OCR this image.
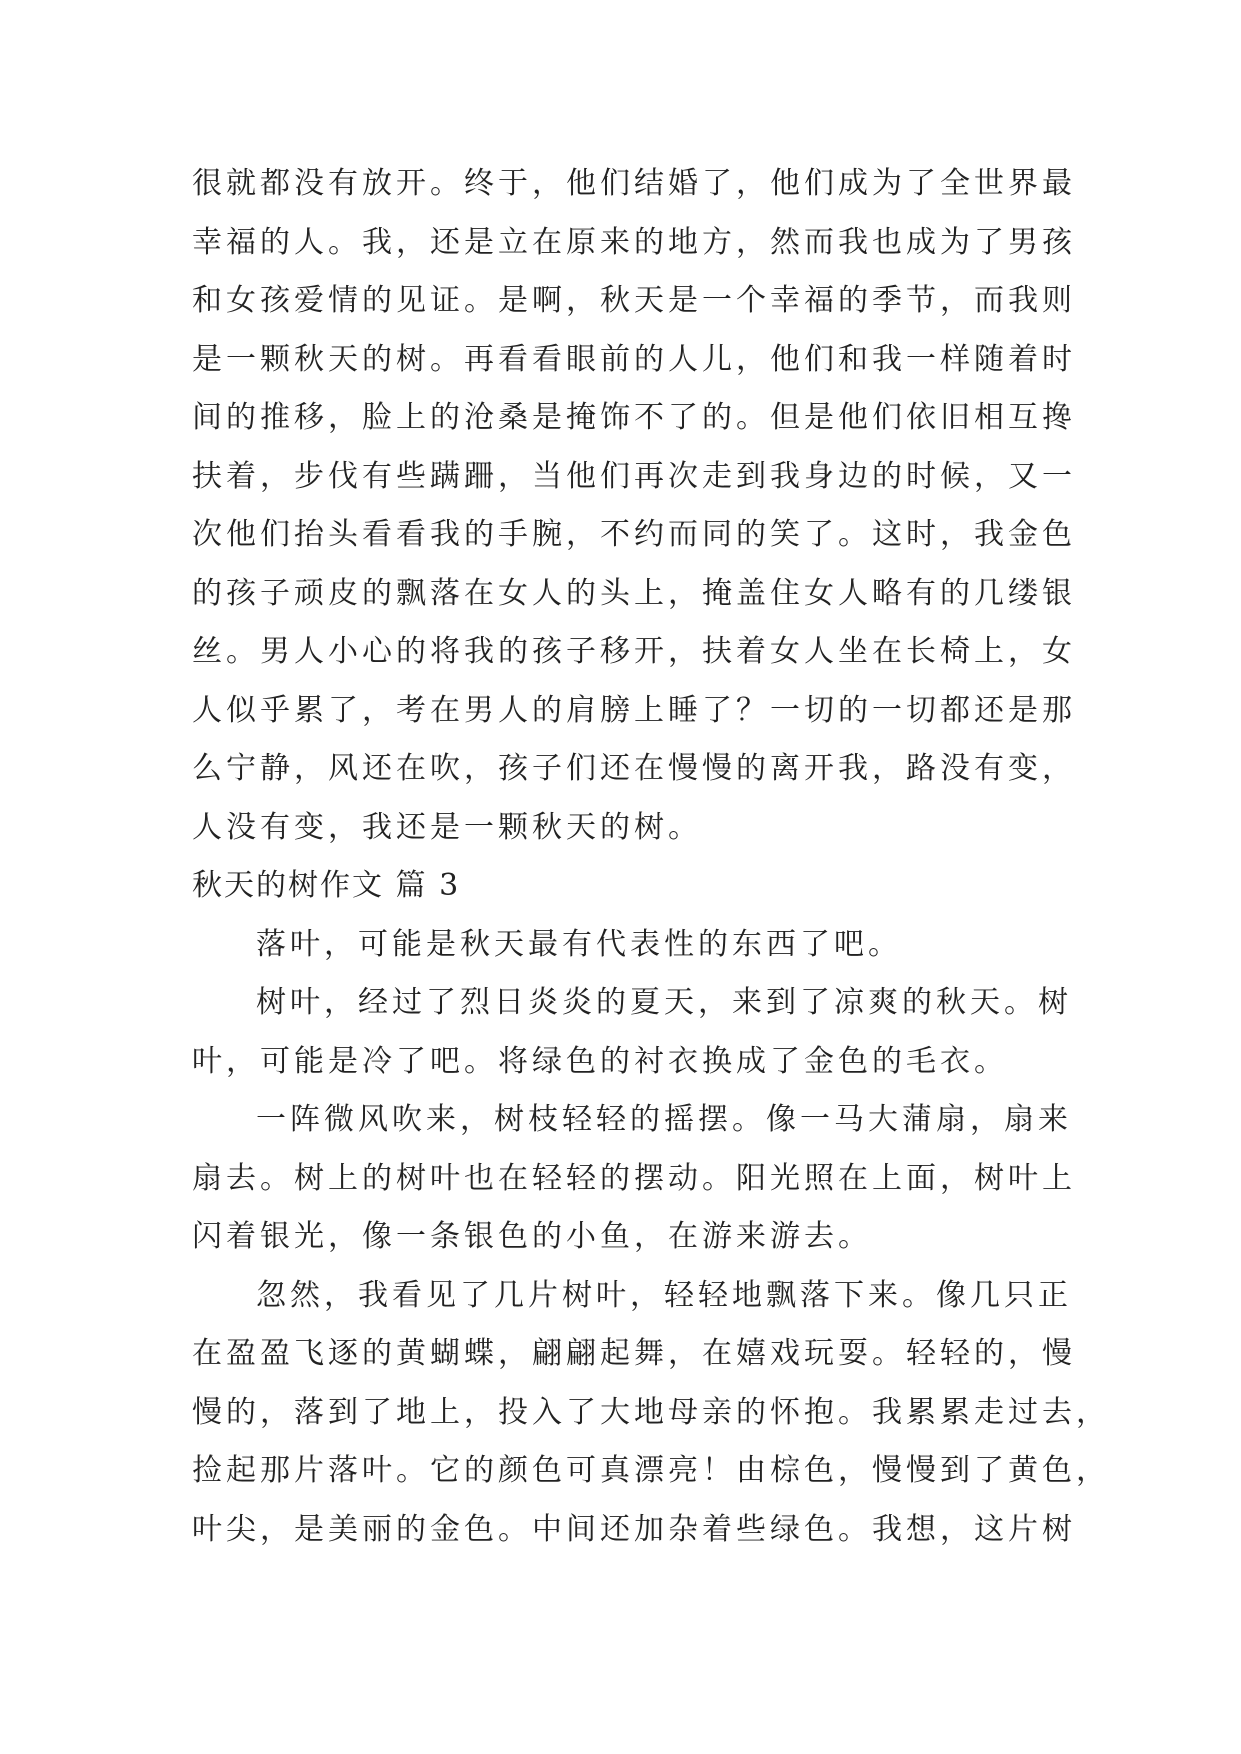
很就都没有放开。终于，他们结婚了，他们成为了全世界最
幸福的人。我，还是立在原来的地方，然而我也成为了男孩
和女孩爱情的见证。是啊，秋天是一个幸福的季节，而我则
是一颗秋天的树。再看看眼前的人儿，他们和我一样随着时
间的推移，脸上的沧桑是掩饰不了的。但是他们依旧相互搀
扶着，步伐有些蹒跚，当他们再次走到我身边的时候，又一
次他们抬头看看我的手腕，不约而同的笑了。这时，我金色
的孩子顽皮的飘落在女人的头上，掩盖住女人略有的几缕银
丝。男人小心的将我的孩子移开，扶着女人坐在长椅上，女
人似乎累了，考在男人的肩膀上睡了？一切的一切都还是那
么宁静，风还在吹，孩子们还在慢慢的离开我，路没有变，
人没有变，我还是一颗秋天的树。
秋天的树作文 篇 3
落叶，可能是秋天最有代表性的东西了吧。
树叶，经过了烈日炎炎的夏天，来到了凉爽的秋天。树
叶，可能是冷了吧。将绿色的衬衣换成了金色的毛衣。
一阵微风吹来，树枝轻轻的摇摆。像一马大蒲扇，扇来
扇去。树上的树叶也在轻轻的摆动。阳光照在上面，树叶上
闪着银光，像一条银色的小鱼，在游来游去。
忽然，我看见了几片树叶，轻轻地飘落下来。像几只正
在盈盈飞逐的黄蝴蝶，翩翩起舞，在嬉戏玩耍。轻轻的，慢
慢的，落到了地上，投入了大地母亲的怀抱。我累累走过去，
捡起那片落叶。它的颜色可真漂亮！由棕色，慢慢到了黄色，
叶尖，是美丽的金色。中间还加杂着些绿色。我想，这片树
